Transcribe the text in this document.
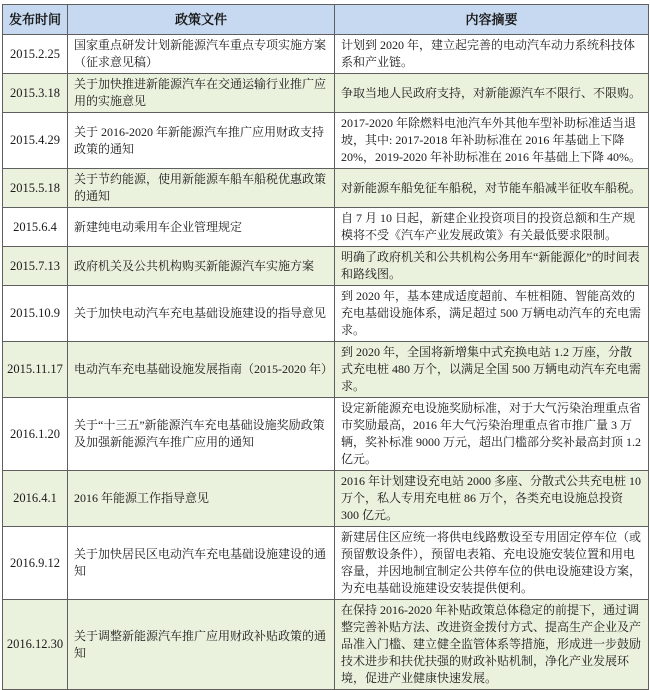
发布时间	政策文件	内容摘要
2015.2.25	国家重点研发计划新能源汽车重点专项实施方案（征求意见稿）	计划到 2020 年，建立起完善的电动汽车动力系统科技体系和产业链。
2015.3.18	关于加快推进新能源汽车在交通运输行业推广应用的实施意见	争取当地人民政府支持，对新能源汽车不限行、不限购。
2015.4.29	关于 2016-2020 年新能源汽车推广应用财政支持政策的通知	2017-2020 年除燃料电池汽车外其他车型补助标准适当退坡，其中: 2017-2018 年补助标准在 2016 年基础上下降 20%，2019-2020 年补助标准在 2016 年基础上下降 40%。
2015.5.18	关于节约能源，使用新能源车船车船税优惠政策的通知	对新能源车船免征车船税，对节能车船减半征收车船税。
2015.6.4	新建纯电动乘用车企业管理规定	自 7 月 10 日起，新建企业投资项目的投资总额和生产规模将不受《汽车产业发展政策》有关最低要求限制。
2015.7.13	政府机关及公共机构购买新能源汽车实施方案	明确了政府机关和公共机构公务用车“新能源化”的时间表和路线图。
2015.10.9	关于加快电动汽车充电基础设施建设的指导意见	到 2020 年，基本建成适度超前、车桩相随、智能高效的充电基础设施体系，满足超过 500 万辆电动汽车的充电需求。
2015.11.17	电动汽车充电基础设施发展指南（2015-2020 年）	到 2020 年，全国将新增集中式充换电站 1.2 万座，分散式充电桩 480 万个，以满足全国 500 万辆电动汽车充电需求。
2016.1.20	关于“十三五”新能源汽车充电基础设施奖励政策及加强新能源汽车推广应用的通知	设定新能源充电设施奖励标准，对于大气污染治理重点省市奖励最高，2016 年大气污染治理重点省市推广量 3 万辆，奖补标准 9000 万元，超出门槛部分奖补最高封顶 1.2 亿元。
2016.4.1	2016 年能源工作指导意见	2016 年计划建设充电站 2000 多座、分散式公共充电桩 10 万个，私人专用充电桩 86 万个，各类充电设施总投资 300 亿元。
2016.9.12	关于加快居民区电动汽车充电基础设施建设的通知	新建居住区应统一将供电线路敷设至专用固定停车位（或预留敷设条件），预留电表箱、充电设施安装位置和用电容量，并因地制宜制定公共停车位的供电设施建设方案，为充电基础设施建设安装提供便利。
2016.12.30	关于调整新能源汽车推广应用财政补贴政策的通知	在保持 2016-2020 年补贴政策总体稳定的前提下，通过调整完善补贴方法、改进资金拨付方式、提高生产企业及产品准入门槛、建立健全监管体系等措施，形成进一步鼓励技术进步和扶优扶强的财政补贴机制，净化产业发展环境，促进产业健康快速发展。
